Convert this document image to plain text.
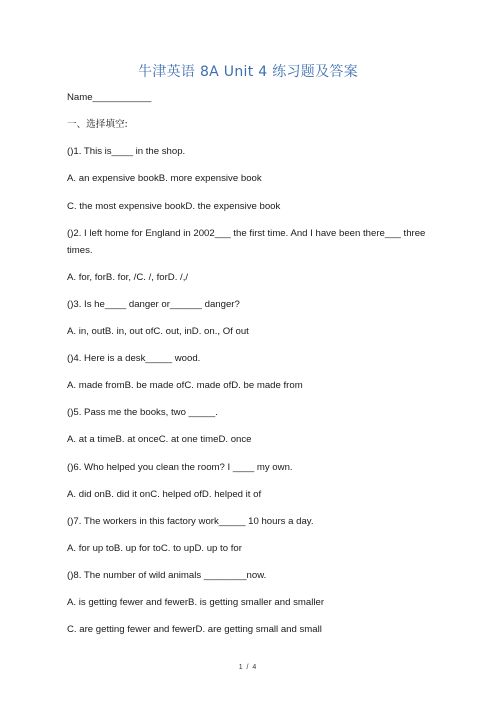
牛津英语 8A Unit 4 练习题及答案
Name___________
一、选择填空:
()1. This is____ in the shop.
A. an expensive bookB. more expensive book
C. the most expensive bookD. the expensive book
()2. I left home for England in 2002___ the first time. And I have been there___ three times.
A. for, forB. for, /C. /, forD. /,/
()3. Is he____ danger or______ danger?
A. in, outB. in, out ofC. out, inD. on., Of out
()4. Here is a desk_____ wood.
A. made fromB. be made ofC. made ofD. be made from
()5. Pass me the books, two _____.
A. at a timeB. at onceC. at one timeD. once
()6. Who helped you clean the room? I ____ my own.
A. did onB. did it onC. helped ofD. helped it of
()7. The workers in this factory work_____ 10 hours a day.
A. for up toB. up for toC. to upD. up to for
()8. The number of wild animals ________now.
A. is getting fewer and fewerB. is getting smaller and smaller
C. are getting fewer and fewerD. are getting small and small
1 / 4
